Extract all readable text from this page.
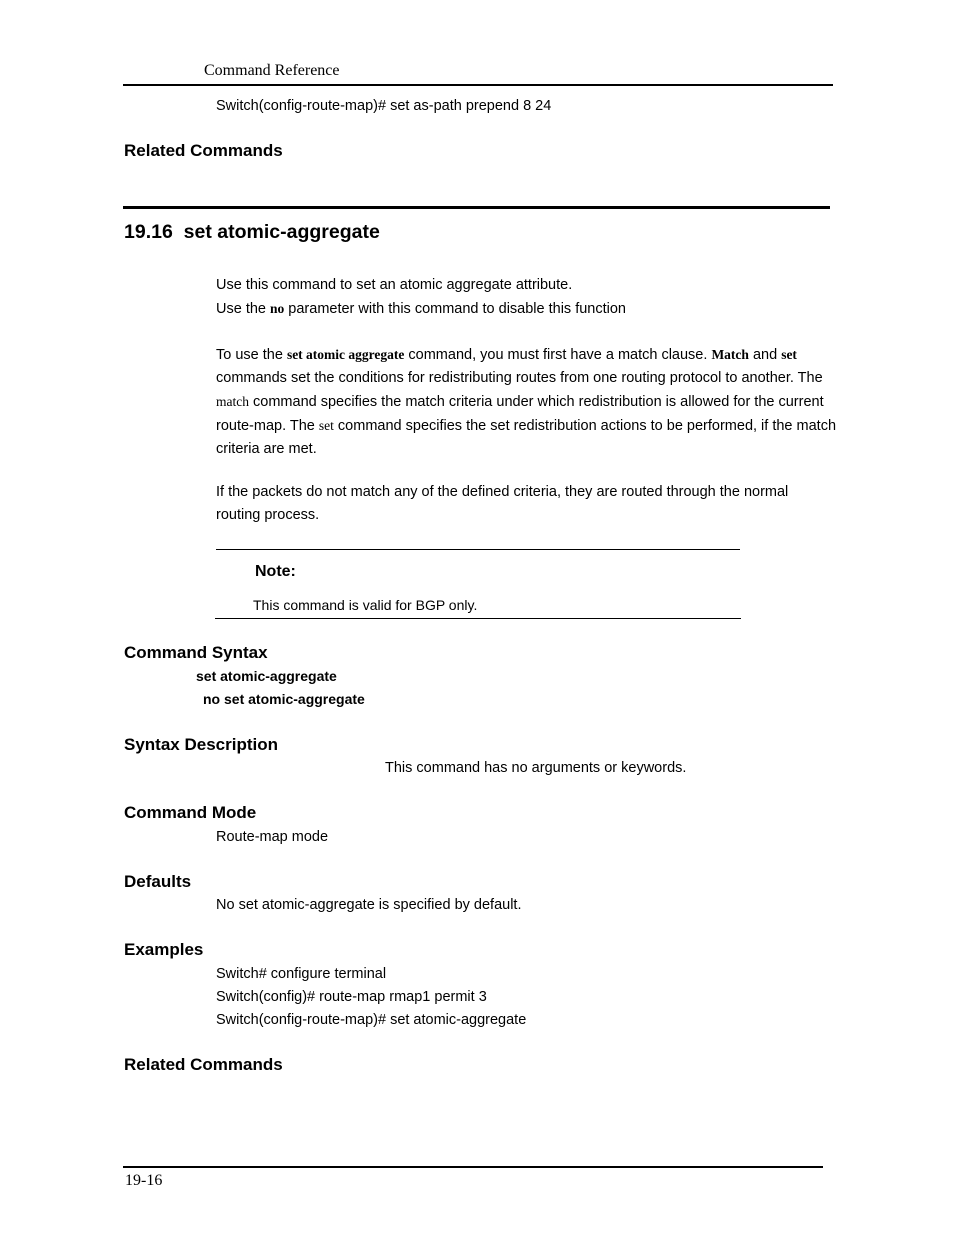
Command Reference
Switch(config-route-map)# set as-path prepend 8 24
Related Commands
19.16 set atomic-aggregate
Use this command to set an atomic aggregate attribute.
Use the no parameter with this command to disable this function
To use the set atomic aggregate command, you must first have a match clause. Match and set commands set the conditions for redistributing routes from one routing protocol to another. The match command specifies the match criteria under which redistribution is allowed for the current route-map. The set command specifies the set redistribution actions to be performed, if the match criteria are met.
If the packets do not match any of the defined criteria, they are routed through the normal routing process.
Note:
This command is valid for BGP only.
Command Syntax
set atomic-aggregate
no set atomic-aggregate
Syntax Description
This command has no arguments or keywords.
Command Mode
Route-map mode
Defaults
No set atomic-aggregate is specified by default.
Examples
Switch# configure terminal
Switch(config)# route-map rmap1 permit 3
Switch(config-route-map)# set atomic-aggregate
Related Commands
19-16
